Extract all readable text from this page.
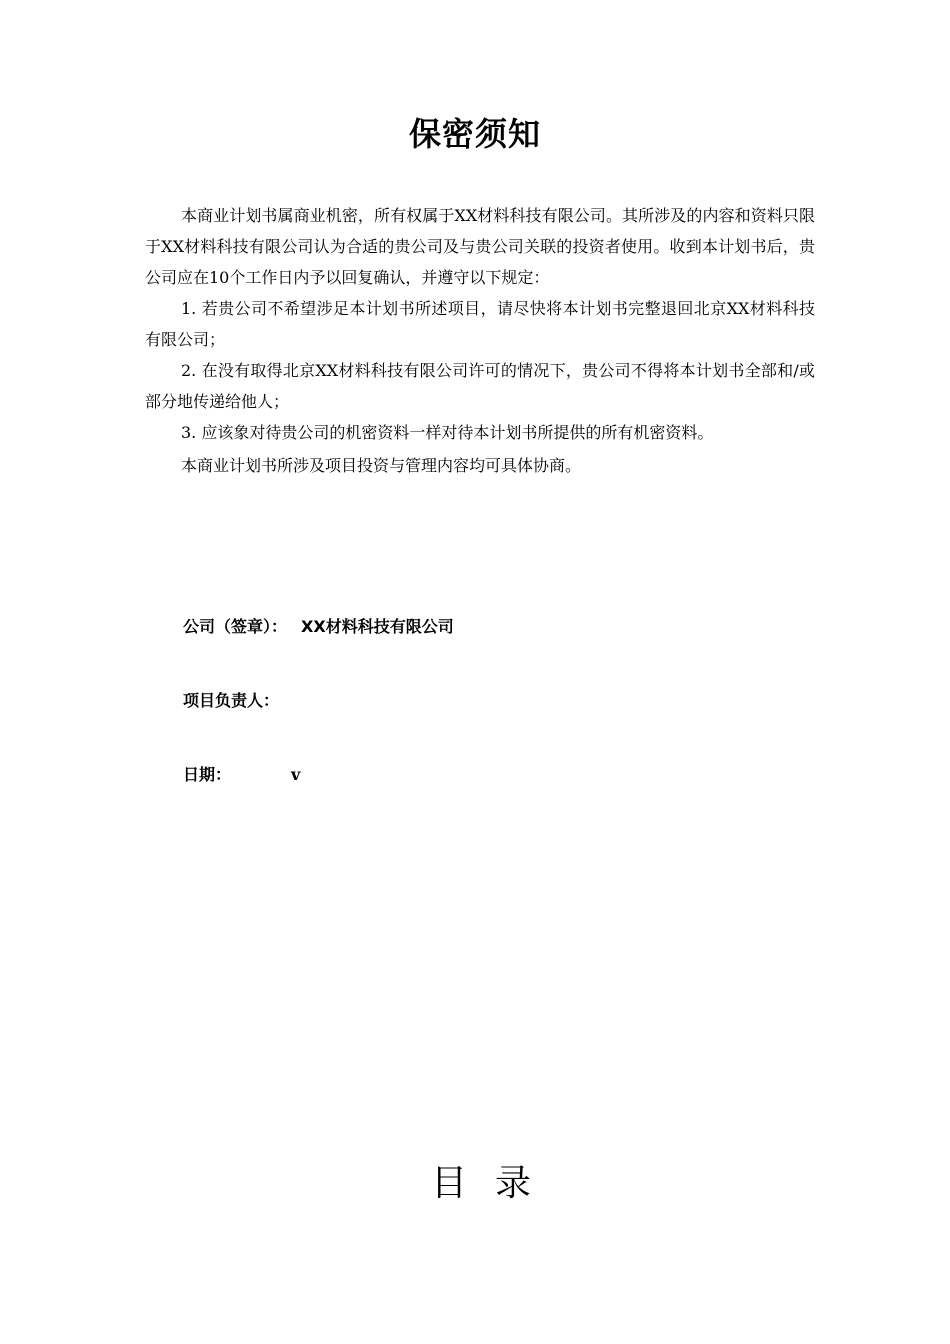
保密须知

本商业计划书属商业机密，所有权属于XX材料科技有限公司。其所涉及的内容和资料只限于XX材料科技有限公司认为合适的贵公司及与贵公司关联的投资者使用。收到本计划书后，贵公司应在10个工作日内予以回复确认，并遵守以下规定：

1. 若贵公司不希望涉足本计划书所述项目，请尽快将本计划书完整退回北京XX材料科技有限公司；

2. 在没有取得北京XX材料科技有限公司许可的情况下，贵公司不得将本计划书全部和/或部分地传递给他人；

3. 应该象对待贵公司的机密资料一样对待本计划书所提供的所有机密资料。

本商业计划书所涉及项目投资与管理内容均可具体协商。

公司（签章）： XX材料科技有限公司
项目负责人：
日期：	v
目录
